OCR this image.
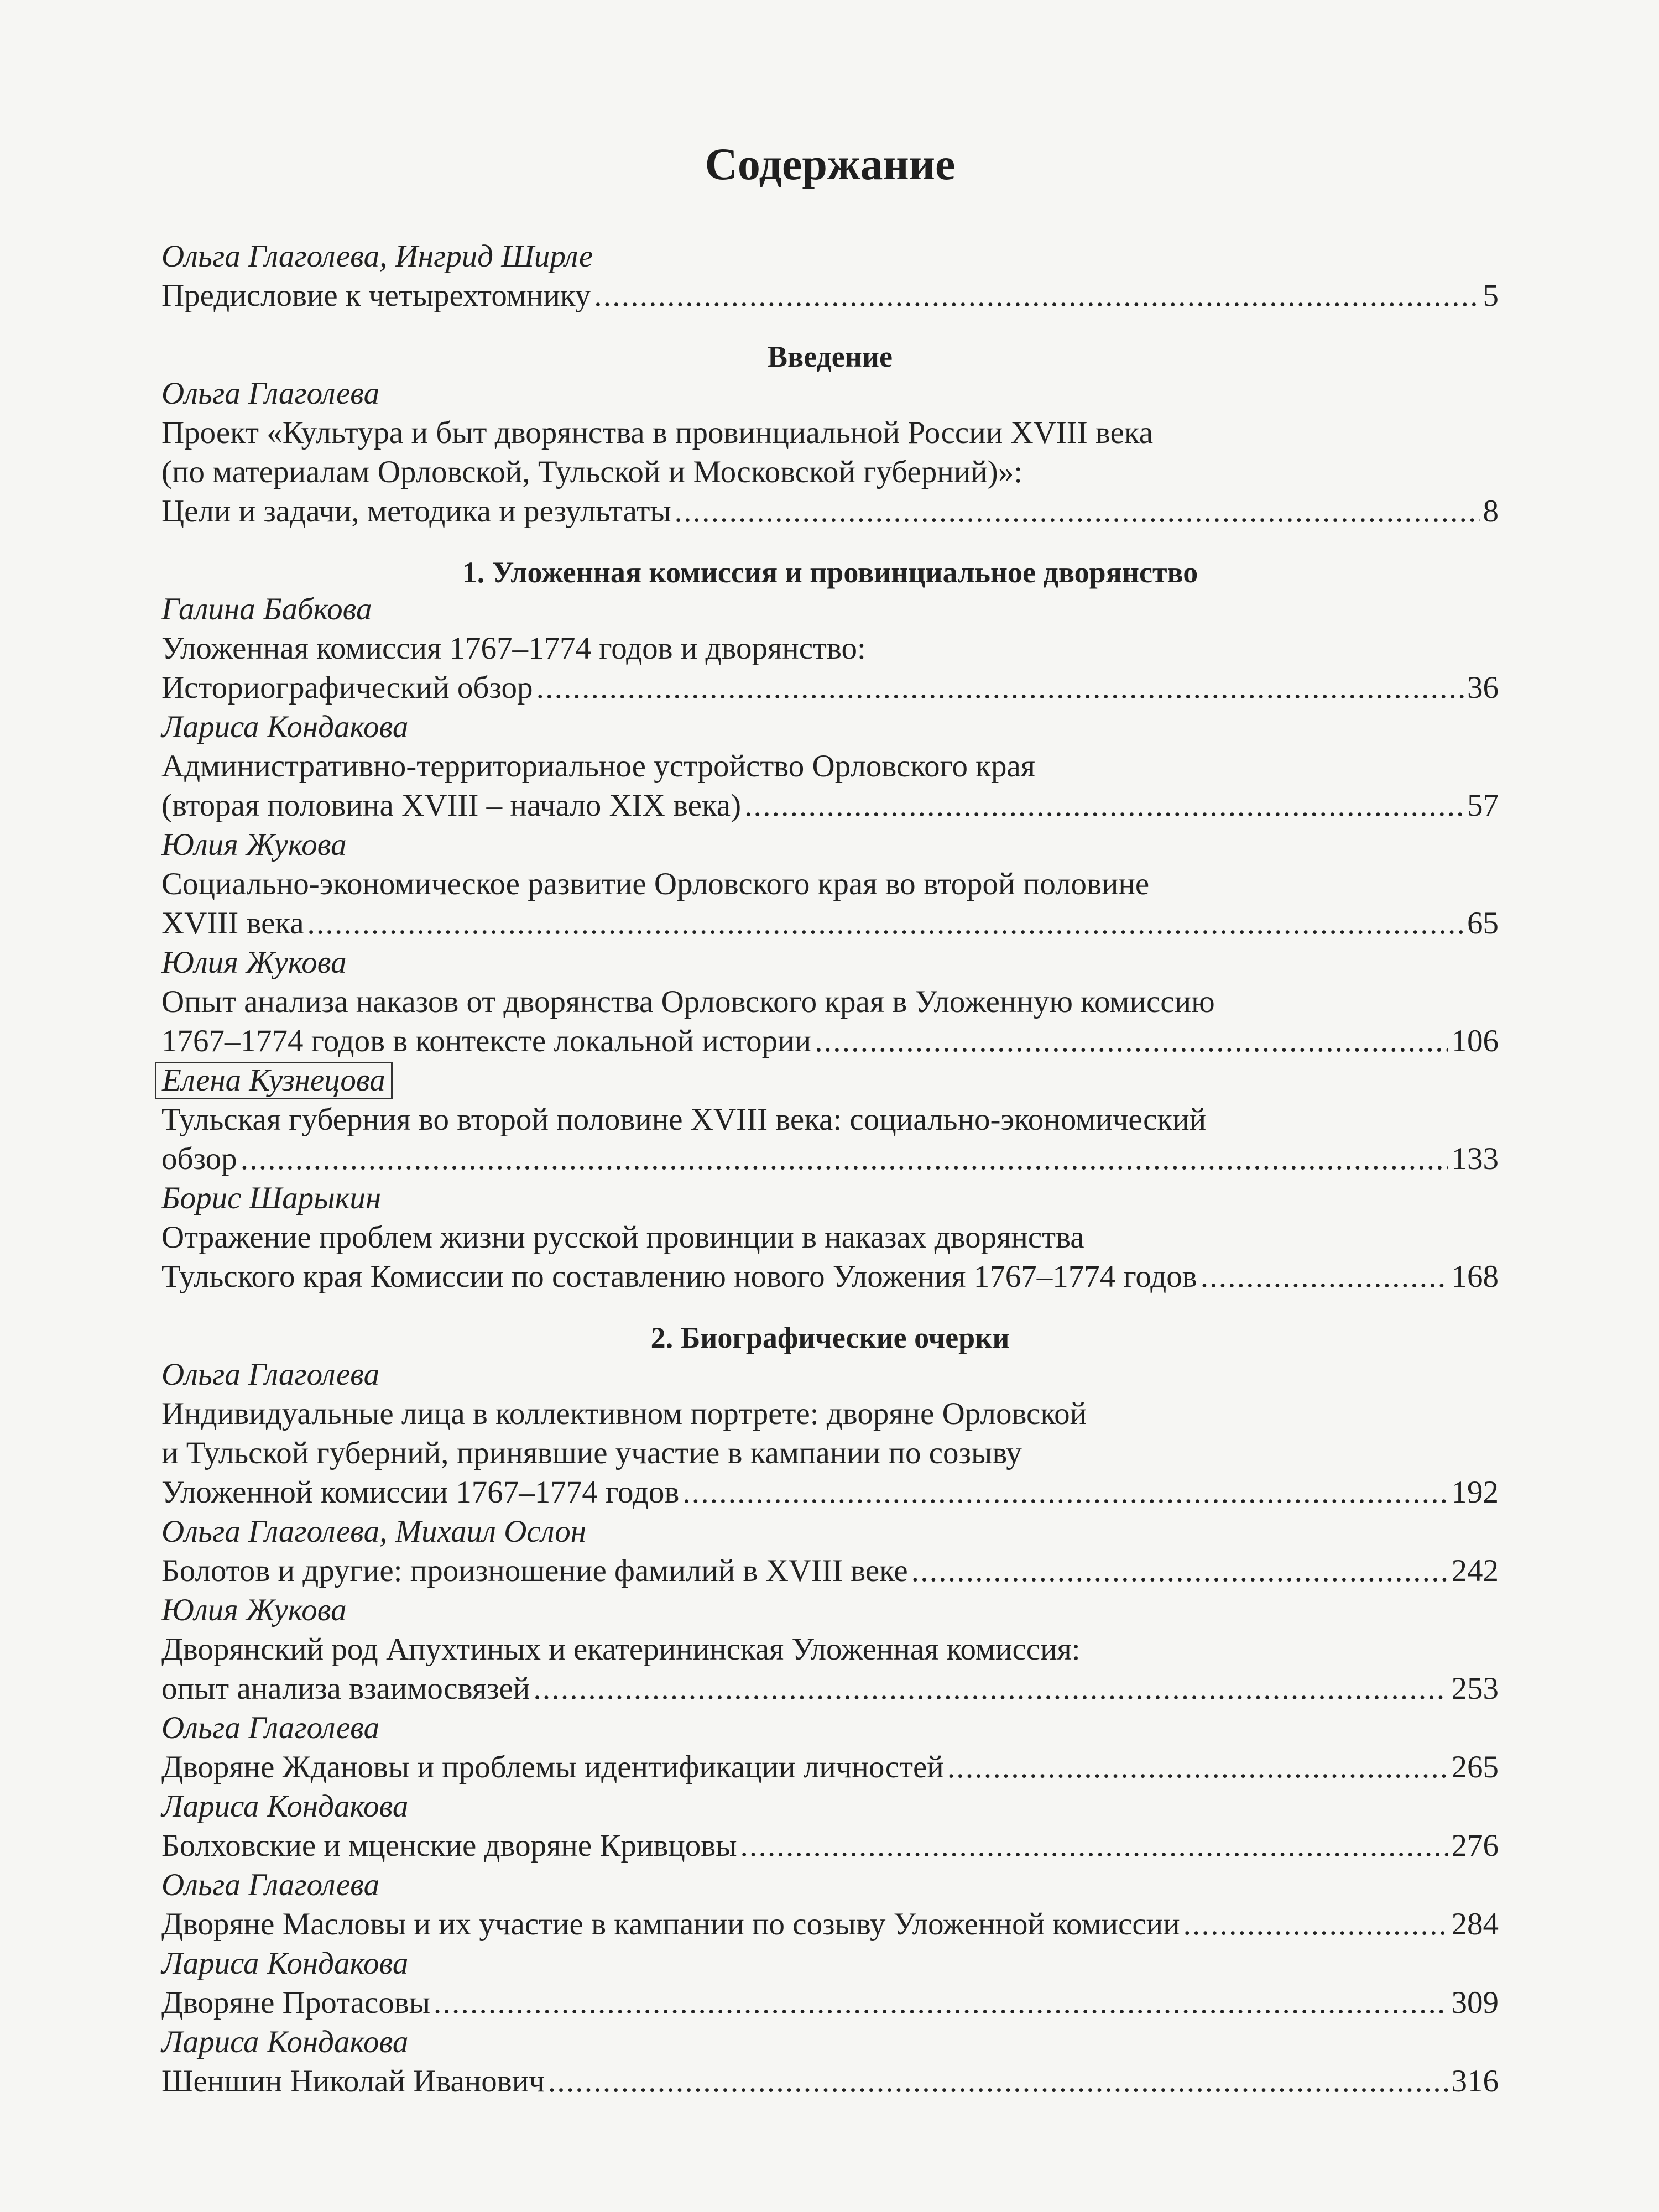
Содержание
Ольга Глаголева, Ингрид Ширле
Предисловие к четырехтомнику . . .	5
Введение
Ольга Глаголева
Проект «Культура и быт дворянства в провинциальной России XVIII века
(по материалам Орловской, Тульской и Московской губерний)»:
Цели и задачи, методика и результаты . . .	8
1. Уложенная комиссия и провинциальное дворянство
Галина Бабкова
Уложенная комиссия 1767–1774 годов и дворянство:
Историографический обзор . . .	36
Лариса Кондакова
Административно-территориальное устройство Орловского края
(вторая половина XVIII – начало XIX века) . . .	57
Юлия Жукова
Социально-экономическое развитие Орловского края во второй половине
XVIII века . . .	65
Юлия Жукова
Опыт анализа наказов от дворянства Орловского края в Уложенную комиссию
1767–1774 годов в контексте локальной истории . . .	106
Елена Кузнецова
Тульская губерния во второй половине XVIII века: социально-экономический
обзор . . .	133
Борис Шарыкин
Отражение проблем жизни русской провинции в наказах дворянства
Тульского края Комиссии по составлению нового Уложения 1767–1774 годов . . .	168
2. Биографические очерки
Ольга Глаголева
Индивидуальные лица в коллективном портрете: дворяне Орловской
и Тульской губерний, принявшие участие в кампании по созыву
Уложенной комиссии 1767–1774 годов . . .	192
Ольга Глаголева, Михаил Ослон
Болотов и другие: произношение фамилий в XVIII веке . . .	242
Юлия Жукова
Дворянский род Апухтиных и екатерининская Уложенная комиссия:
опыт анализа взаимосвязей . . .	253
Ольга Глаголева
Дворяне Ждановы и проблемы идентификации личностей . . .	265
Лариса Кондакова
Болховские и мценские дворяне Кривцовы . . .	276
Ольга Глаголева
Дворяне Масловы и их участие в кампании по созыву Уложенной комиссии . . .	284
Лариса Кондакова
Дворяне Протасовы . . .	309
Лариса Кондакова
Шеншин Николай Иванович . . .	316
